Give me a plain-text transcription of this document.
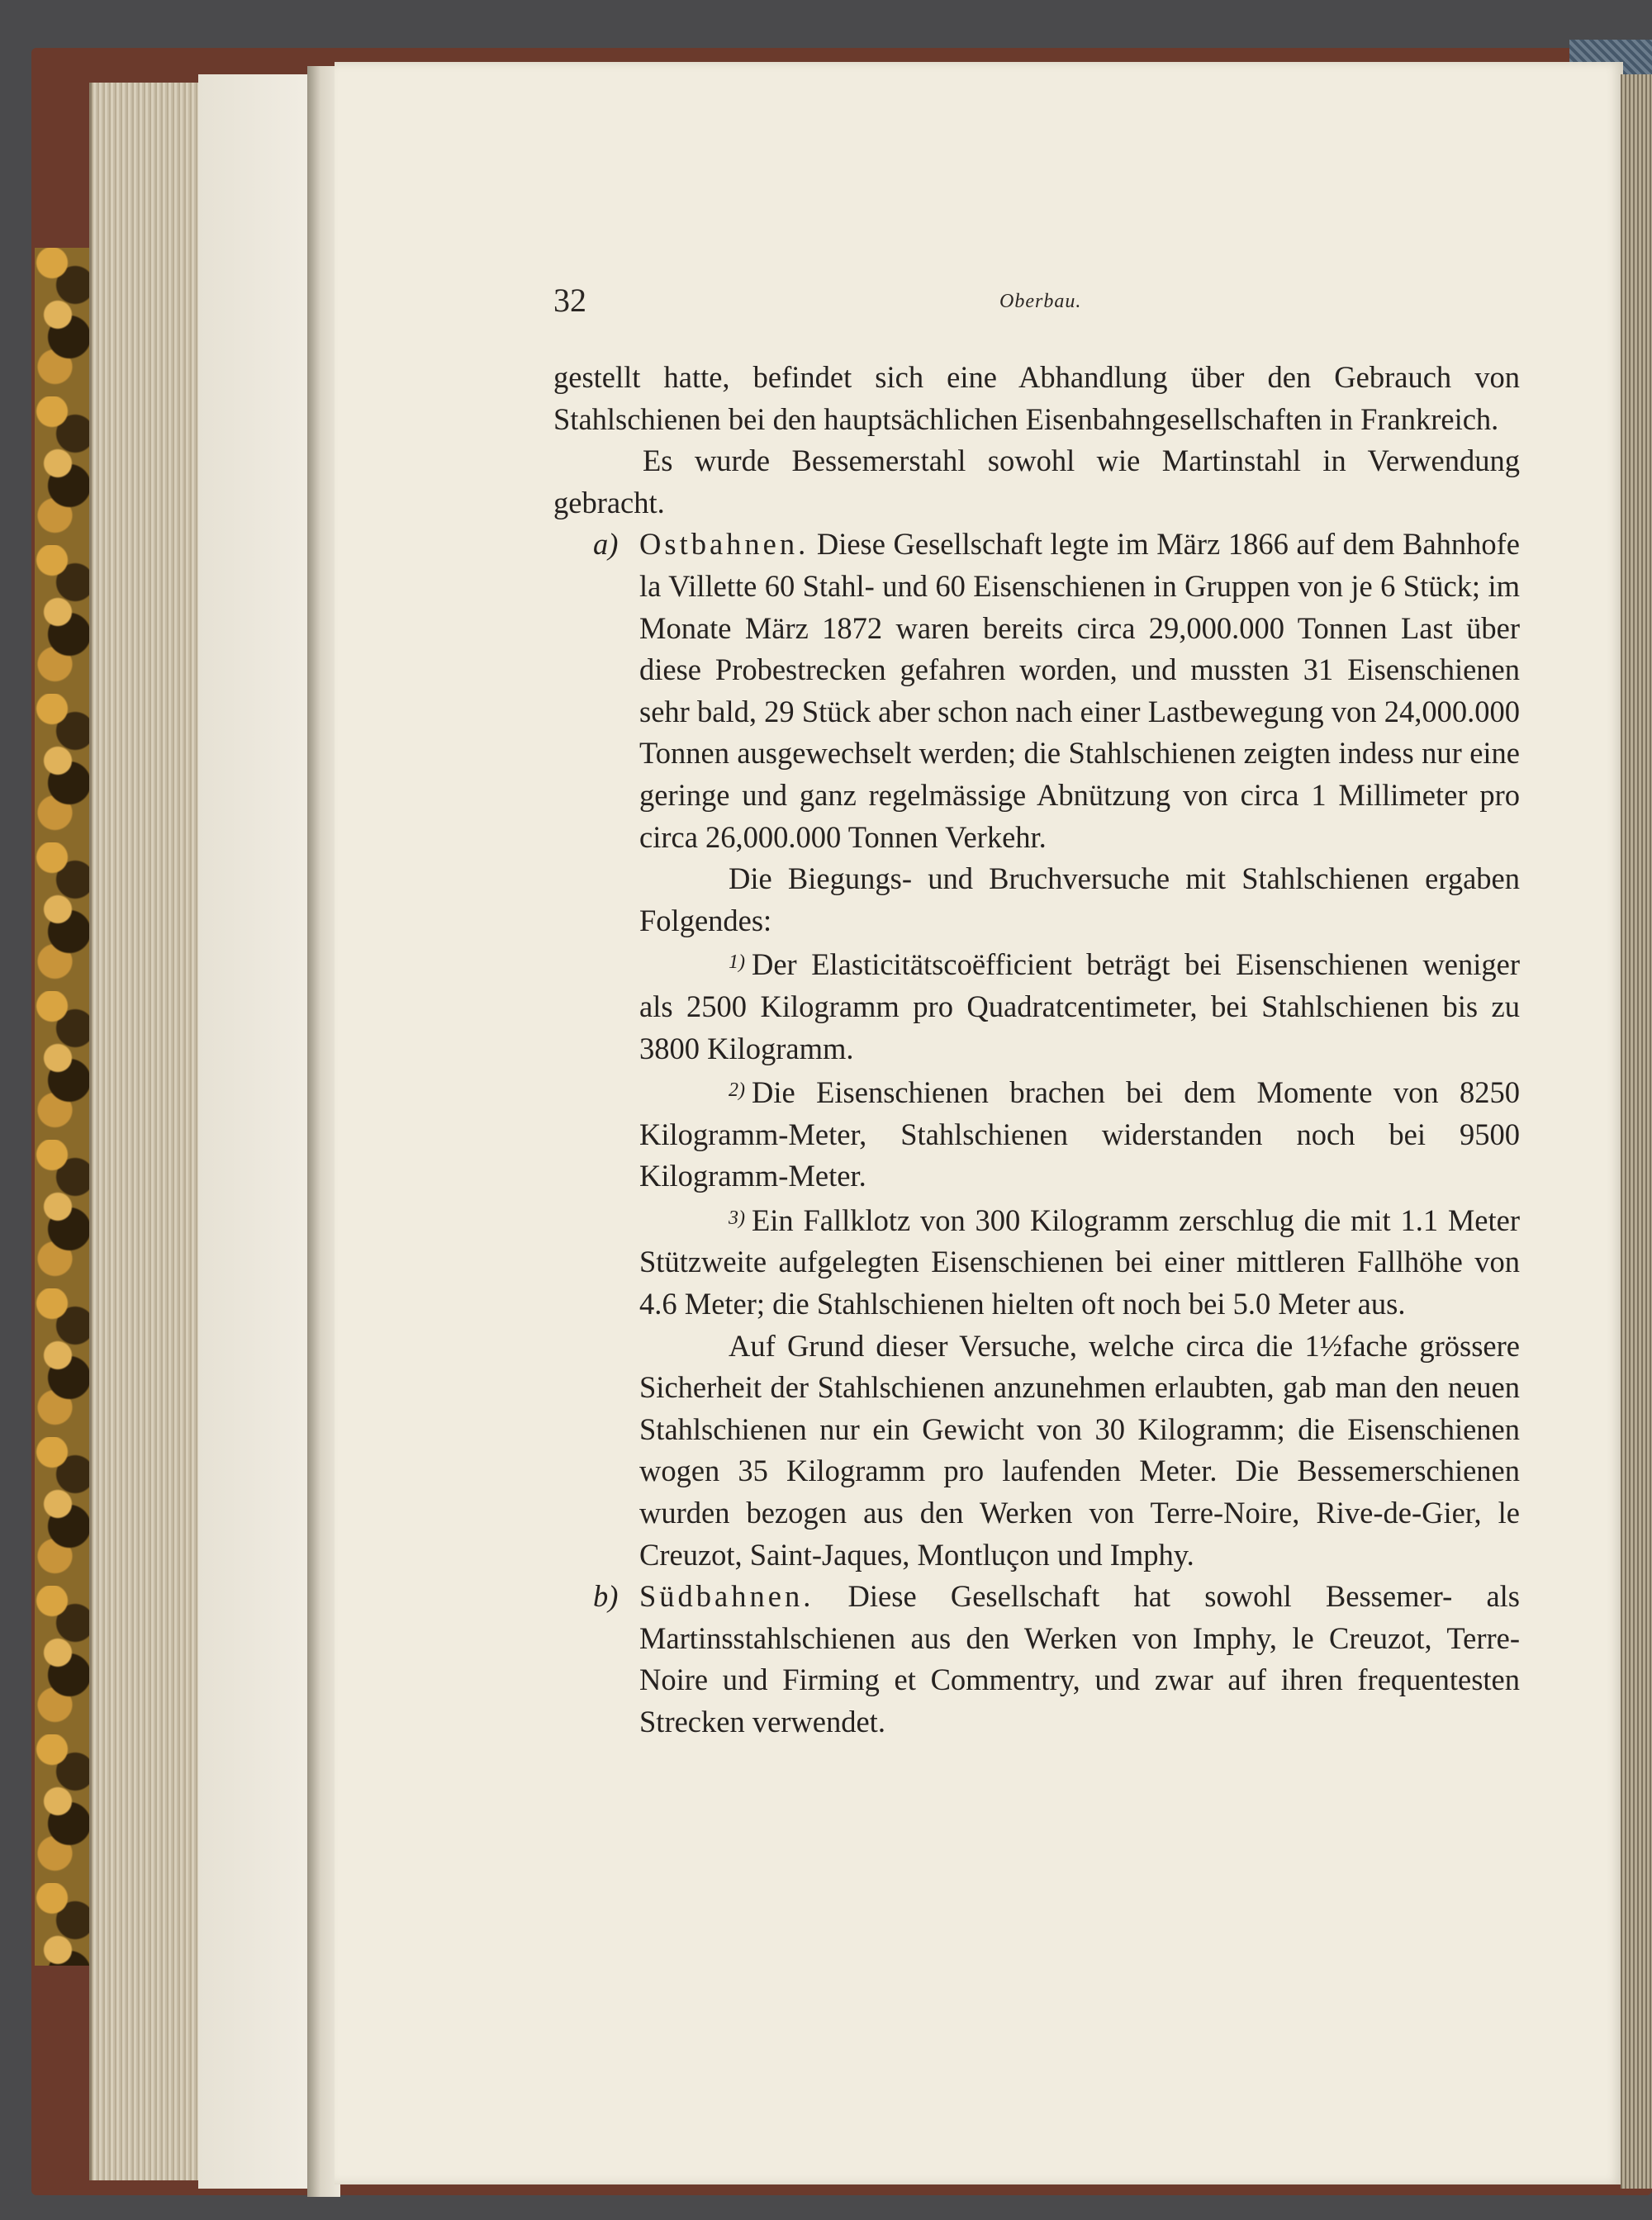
32	Oberbau.

gestellt hatte, befindet sich eine Abhandlung über den Gebrauch von Stahlschienen bei den hauptsächlichen Eisenbahngesellschaften in Frankreich.

Es wurde Bessemerstahl sowohl wie Martinstahl in Verwendung gebracht.

a) Ostbahnen. Diese Gesellschaft legte im März 1866 auf dem Bahnhofe la Villette 60 Stahl- und 60 Eisenschienen in Gruppen von je 6 Stück; im Monate März 1872 waren bereits circa 29,000.000 Tonnen Last über diese Probestrecken gefahren worden, und mussten 31 Eisenschienen sehr bald, 29 Stück aber schon nach einer Lastbewegung von 24,000.000 Tonnen ausgewechselt werden; die Stahlschienen zeigten indess nur eine geringe und ganz regelmässige Abnützung von circa 1 Millimeter pro circa 26,000.000 Tonnen Verkehr.

Die Biegungs- und Bruchversuche mit Stahlschienen ergaben Folgendes:

$^{1)}$ Der Elasticitätscoëfficient beträgt bei Eisenschienen weniger als 2500 Kilogramm pro Quadratcentimeter, bei Stahlschienen bis zu 3800 Kilogramm.

$^{2)}$ Die Eisenschienen brachen bei dem Momente von 8250 Kilogramm-Meter, Stahlschienen widerstanden noch bei 9500 Kilogramm-Meter.

$^{3)}$ Ein Fallklotz von 300 Kilogramm zerschlug die mit 1.1 Meter Stützweite aufgelegten Eisenschienen bei einer mittleren Fallhöhe von 4.6 Meter; die Stahlschienen hielten oft noch bei 5.0 Meter aus.

Auf Grund dieser Versuche, welche circa die 1½fache grössere Sicherheit der Stahlschienen anzunehmen erlaubten, gab man den neuen Stahlschienen nur ein Gewicht von 30 Kilogramm; die Eisenschienen wogen 35 Kilogramm pro laufenden Meter. Die Bessemerschienen wurden bezogen aus den Werken von Terre-Noire, Rive-de-Gier, le Creuzot, Saint-Jaques, Montluçon und Imphy.

b) Südbahnen. Diese Gesellschaft hat sowohl Bessemer- als Martinsstahlschienen aus den Werken von Imphy, le Creuzot, Terre-Noire und Firming et Commentry, und zwar auf ihren frequentesten Strecken verwendet.
